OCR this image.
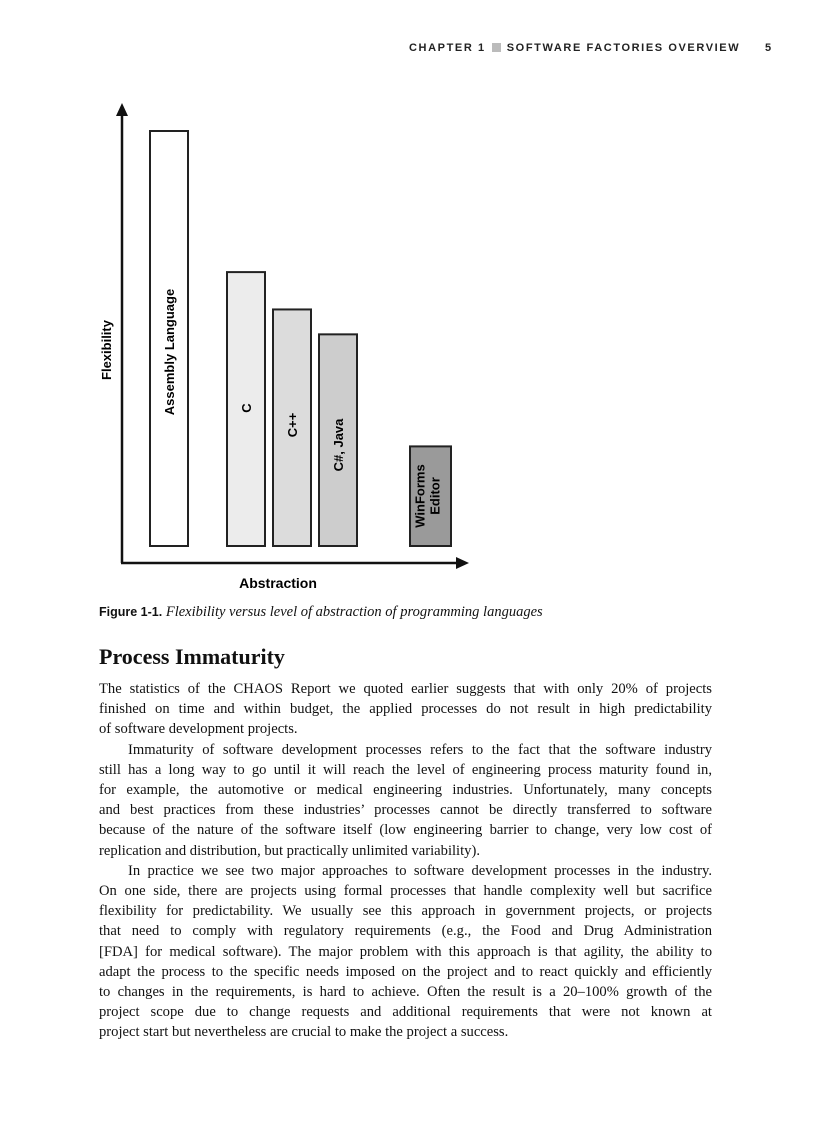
CHAPTER 1 SOFTWARE FACTORIES OVERVIEW 5
Flexibility
Abstraction
Assembly Language	C
C++ C#, Java
WinForms Editor
Figure 1-1. Flexibility versus level of abstraction of programming languages
Process Immaturity
The statistics of the CHAOS Report we quoted earlier suggests that with only 20% of projects
finished on time and within budget, the applied processes do not result in high predictability
of software development projects.
Immaturity of software development processes refers to the fact that the software industry
still has a long way to go until it will reach the level of engineering process maturity found in,
for example, the automotive or medical engineering industries. Unfortunately, many concepts
and best practices from these industries’ processes cannot be directly transferred to software
because of the nature of the software itself (low engineering barrier to change, very low cost of
replication and distribution, but practically unlimited variability).
In practice we see two major approaches to software development processes in the industry.
On one side, there are projects using formal processes that handle complexity well but sacrifice
flexibility for predictability. We usually see this approach in government projects, or projects
that need to comply with regulatory requirements (e.g., the Food and Drug Administration
[FDA] for medical software). The major problem with this approach is that agility, the ability to
adapt the process to the specific needs imposed on the project and to react quickly and efficiently
to changes in the requirements, is hard to achieve. Often the result is a 20–100% growth of the
project scope due to change requests and additional requirements that were not known at
project start but nevertheless are crucial to make the project a success.
